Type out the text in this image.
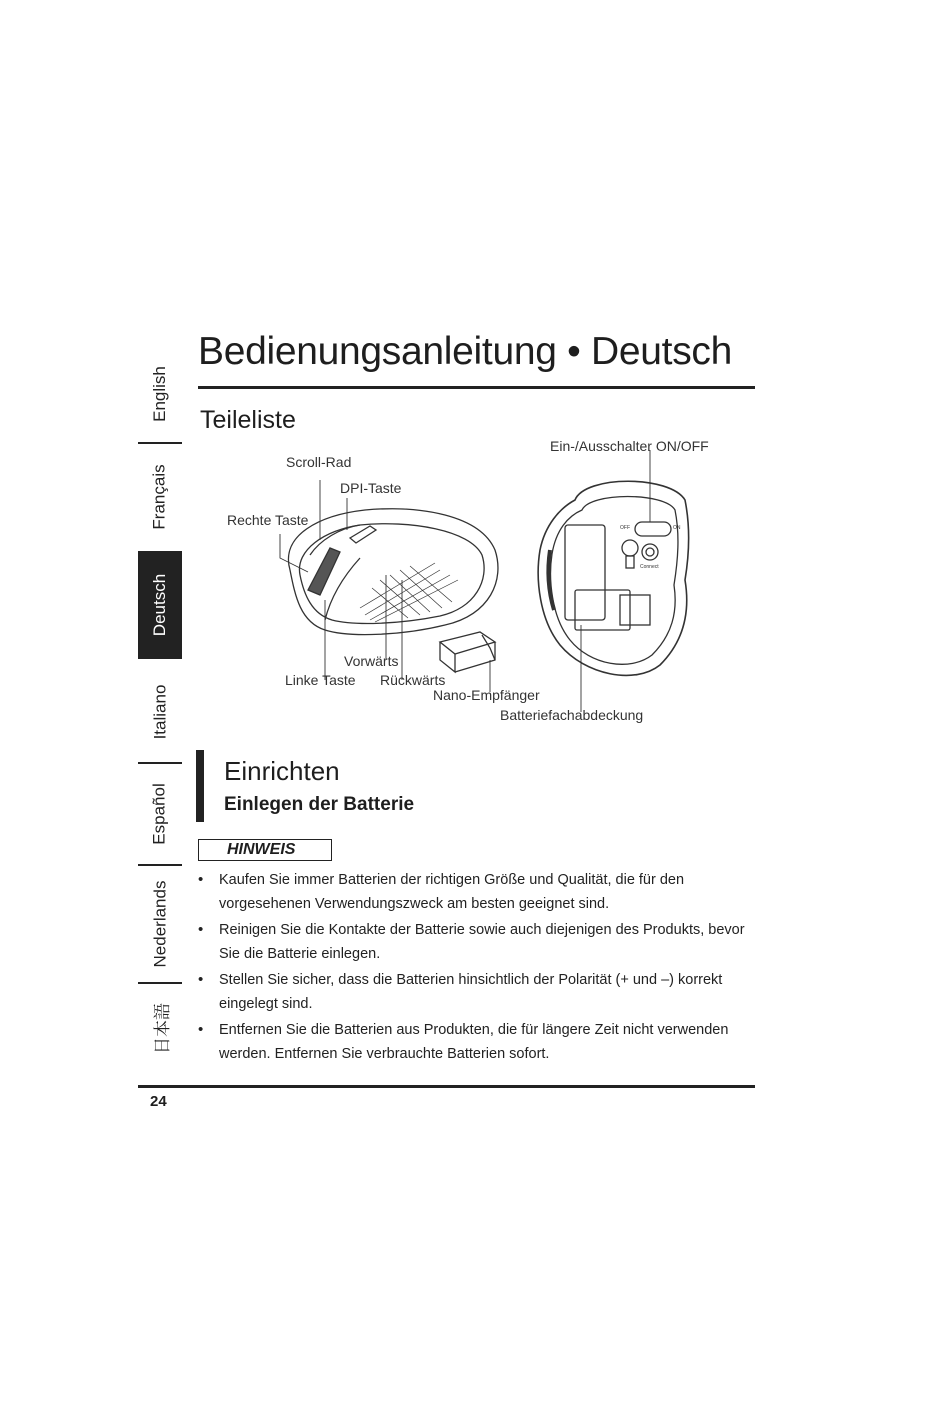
English
Français
Deutsch
Italiano
Español
Nederlands
日本語
Bedienungsanleitung • Deutsch
Teileliste
Ein-/Ausschalter ON/OFF
Scroll-Rad
DPI-Taste
Rechte Taste
Vorwärts
Linke Taste Rückwärts
Nano-Empfänger
Batteriefachabdeckung
OFF	ON
Connect
Einrichten
Einlegen der Batterie
HINWEIS
• Kaufen Sie immer Batterien der richtigen Größe und Qualität, die für den vorgesehenen Verwendungszweck am besten geeignet sind.
• Reinigen Sie die Kontakte der Batterie sowie auch diejenigen des Produkts, bevor Sie die Batterie einlegen.
• Stellen Sie sicher, dass die Batterien hinsichtlich der Polarität (+ und –) korrekt eingelegt sind.
• Entfernen Sie die Batterien aus Produkten, die für längere Zeit nicht verwenden werden. Entfernen Sie verbrauchte Batterien sofort.
24
